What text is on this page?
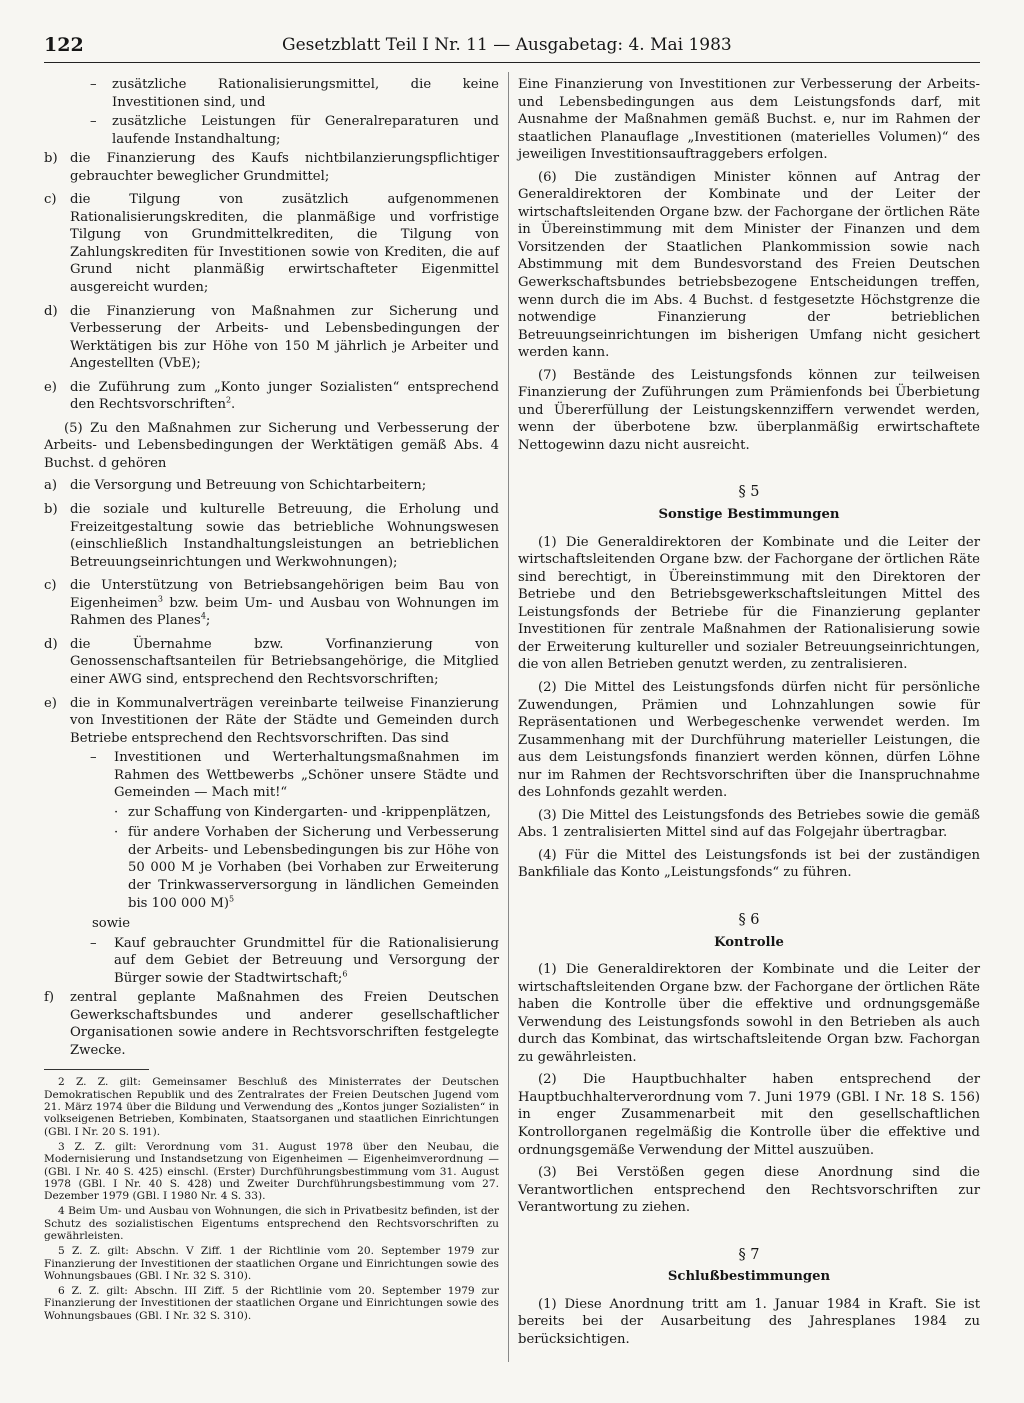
122	Gesetzblatt Teil I Nr. 11 — Ausgabetag: 4. Mai 1983
–	zusätzliche Rationalisierungsmittel, die keine Investitionen sind, und
–	zusätzliche Leistungen für Generalreparaturen und laufende Instandhaltung;
b) die Finanzierung des Kaufs nichtbilanzierungspflichtiger gebrauchter beweglicher Grundmittel;
c)	die Tilgung von zusätzlich aufgenommenen Rationalisierungskrediten, die planmäßige und vorfristige Tilgung von Grundmittelkrediten, die Tilgung von Zahlungskrediten für Investitionen sowie von Krediten, die auf Grund nicht planmäßig erwirtschafteter Eigenmittel ausgereicht wurden;
d) die Finanzierung von Maßnahmen zur Sicherung und Verbesserung der Arbeits- und Lebensbedingungen der Werktätigen bis zur Höhe von 150 M jährlich je Arbeiter und Angestellten (VbE);
e) die Zuführung zum „Konto junger Sozialisten“ entsprechend den Rechtsvorschriften$^2$.

(5) Zu den Maßnahmen zur Sicherung und Verbesserung der Arbeits- und Lebensbedingungen der Werktätigen gemäß Abs. 4 Buchst. d gehören

a) die Versorgung und Betreuung von Schichtarbeitern;
b) die soziale und kulturelle Betreuung, die Erholung und Freizeitgestaltung sowie das betriebliche Wohnungswesen (einschließlich Instandhaltungsleistungen an betrieblichen Betreuungseinrichtungen und Werkwohnungen);
c)	die Unterstützung von Betriebsangehörigen beim Bau von Eigenheimen$^3$ bzw. beim Um- und Ausbau von Wohnungen im Rahmen des Planes$^4$;
d) die Übernahme bzw. Vorfinanzierung von Genossenschaftsanteilen für Betriebsangehörige, die Mitglied einer AWG sind, entsprechend den Rechtsvorschriften;
e) die in Kommunalverträgen vereinbarte teilweise Finanzierung von Investitionen der Räte der Städte und Gemeinden durch Betriebe entsprechend den Rechtsvorschriften. Das sind
–	Investitionen und Werterhaltungsmaßnahmen im Rahmen des Wettbewerbs „Schöner unsere Städte und Gemeinden — Mach mit!“
· zur Schaffung von Kindergarten- und -krippenplätzen,
· für andere Vorhaben der Sicherung und Verbesserung der Arbeits- und Lebensbedingungen bis zur Höhe von 50 000 M je Vorhaben (bei Vorhaben zur Erweiterung der Trinkwasserversorgung in ländlichen Gemeinden bis 100 000 M)$^5$
sowie
–	Kauf gebrauchter Grundmittel für die Rationalisierung auf dem Gebiet der Betreuung und Versorgung der Bürger sowie der Stadtwirtschaft;$^6$
f)	zentral geplante Maßnahmen des Freien Deutschen Gewerkschaftsbundes und anderer gesellschaftlicher Organisationen sowie andere in Rechtsvorschriften festgelegte Zwecke.

2 Z. Z. gilt: Gemeinsamer Beschluß des Ministerrates der Deutschen Demokratischen Republik und des Zentralrates der Freien Deutschen Jugend vom 21. März 1974 über die Bildung und Verwendung des „Kontos junger Sozialisten“ in volkseigenen Betrieben, Kombinaten, Staatsorganen und staatlichen Einrichtungen (GBl. I Nr. 20 S. 191).

3 Z. Z. gilt: Verordnung vom 31. August 1978 über den Neubau, die Modernisierung und Instandsetzung von Eigenheimen — Eigenheimverordnung — (GBl. I Nr. 40 S. 425) einschl. (Erster) Durchführungsbestimmung vom 31. August 1978 (GBl. I Nr. 40 S. 428) und Zweiter Durchführungsbestimmung vom 27. Dezember 1979 (GBl. I 1980 Nr. 4 S. 33).

4 Beim Um- und Ausbau von Wohnungen, die sich in Privatbesitz befinden, ist der Schutz des sozialistischen Eigentums entsprechend den Rechtsvorschriften zu gewährleisten.

5 Z. Z. gilt: Abschn. V Ziff. 1 der Richtlinie vom 20. September 1979 zur Finanzierung der Investitionen der staatlichen Organe und Einrichtungen sowie des Wohnungsbaues (GBl. I Nr. 32 S. 310).

6 Z. Z. gilt: Abschn. III Ziff. 5 der Richtlinie vom 20. September 1979 zur Finanzierung der Investitionen der staatlichen Organe und Einrichtungen sowie des Wohnungsbaues (GBl. I Nr. 32 S. 310).

Eine Finanzierung von Investitionen zur Verbesserung der Arbeits- und Lebensbedingungen aus dem Leistungsfonds darf, mit Ausnahme der Maßnahmen gemäß Buchst. e, nur im Rahmen der staatlichen Planauflage „Investitionen (materielles Volumen)“ des jeweiligen Investitionsauftraggebers erfolgen.

(6) Die zuständigen Minister können auf Antrag der Generaldirektoren der Kombinate und der Leiter der wirtschaftsleitenden Organe bzw. der Fachorgane der örtlichen Räte in Übereinstimmung mit dem Minister der Finanzen und dem Vorsitzenden der Staatlichen Plankommission sowie nach Abstimmung mit dem Bundesvorstand des Freien Deutschen Gewerkschaftsbundes betriebsbezogene Entscheidungen treffen, wenn durch die im Abs. 4 Buchst. d festgesetzte Höchstgrenze die notwendige Finanzierung der betrieblichen Betreuungseinrichtungen im bisherigen Umfang nicht gesichert werden kann.

(7) Bestände des Leistungsfonds können zur teilweisen Finanzierung der Zuführungen zum Prämienfonds bei Überbietung und Übererfüllung der Leistungskennziffern verwendet werden, wenn der überbotene bzw. überplanmäßig erwirtschaftete Nettogewinn dazu nicht ausreicht.

§ 5
Sonstige Bestimmungen

(1) Die Generaldirektoren der Kombinate und die Leiter der wirtschaftsleitenden Organe bzw. der Fachorgane der örtlichen Räte sind berechtigt, in Übereinstimmung mit den Direktoren der Betriebe und den Betriebsgewerkschaftsleitungen Mittel des Leistungsfonds der Betriebe für die Finanzierung geplanter Investitionen für zentrale Maßnahmen der Rationalisierung sowie der Erweiterung kultureller und sozialer Betreuungseinrichtungen, die von allen Betrieben genutzt werden, zu zentralisieren.

(2) Die Mittel des Leistungsfonds dürfen nicht für persönliche Zuwendungen, Prämien und Lohnzahlungen sowie für Repräsentationen und Werbegeschenke verwendet werden. Im Zusammenhang mit der Durchführung materieller Leistungen, die aus dem Leistungsfonds finanziert werden können, dürfen Löhne nur im Rahmen der Rechtsvorschriften über die Inanspruchnahme des Lohnfonds gezahlt werden.

(3) Die Mittel des Leistungsfonds des Betriebes sowie die gemäß Abs. 1 zentralisierten Mittel sind auf das Folgejahr übertragbar.

(4) Für die Mittel des Leistungsfonds ist bei der zuständigen Bankfiliale das Konto „Leistungsfonds“ zu führen.

§ 6
Kontrolle

(1) Die Generaldirektoren der Kombinate und die Leiter der wirtschaftsleitenden Organe bzw. der Fachorgane der örtlichen Räte haben die Kontrolle über die effektive und ordnungsgemäße Verwendung des Leistungsfonds sowohl in den Betrieben als auch durch das Kombinat, das wirtschaftsleitende Organ bzw. Fachorgan zu gewährleisten.

(2) Die Hauptbuchhalter haben entsprechend der Hauptbuchhalterverordnung vom 7. Juni 1979 (GBl. I Nr. 18 S. 156) in enger Zusammenarbeit mit den gesellschaftlichen Kontrollorganen regelmäßig die Kontrolle über die effektive und ordnungsgemäße Verwendung der Mittel auszuüben.

(3) Bei Verstößen gegen diese Anordnung sind die Verantwortlichen entsprechend den Rechtsvorschriften zur Verantwortung zu ziehen.

§ 7
Schlußbestimmungen

(1) Diese Anordnung tritt am 1. Januar 1984 in Kraft. Sie ist bereits bei der Ausarbeitung des Jahresplanes 1984 zu berücksichtigen.
